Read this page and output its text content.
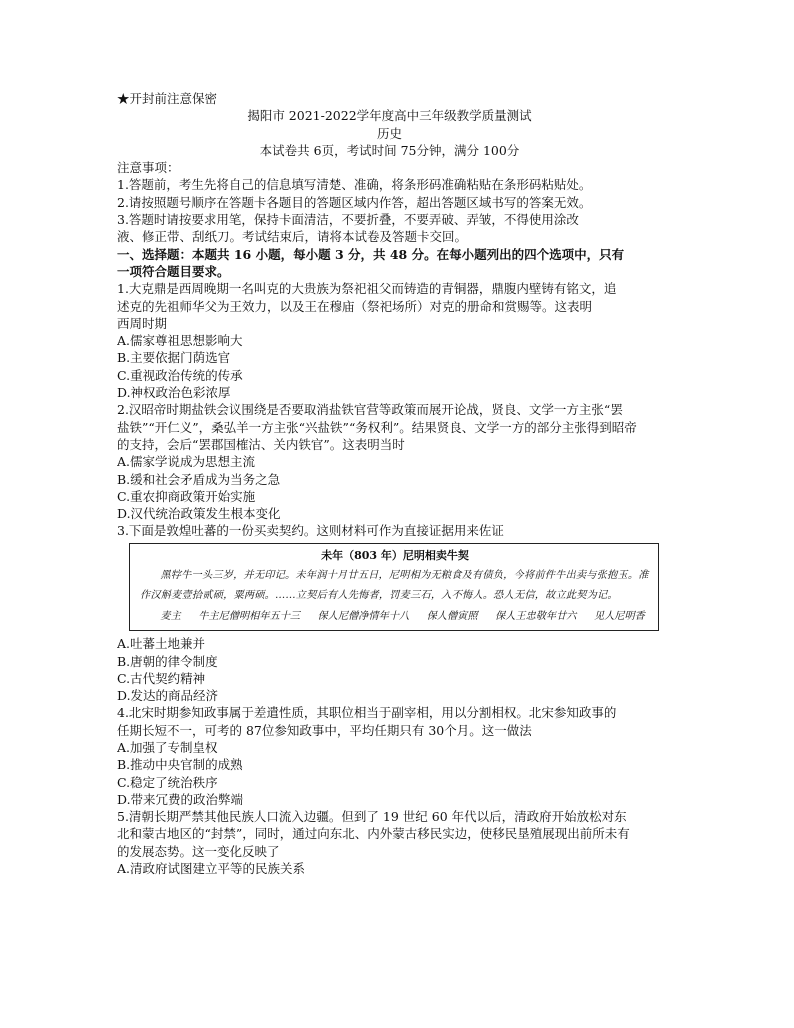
★开封前注意保密
揭阳市 2021-2022学年度高中三年级教学质量测试
历史
本试卷共 6页，考试时间 75分钟，满分 100分
注意事项：
1.答题前，考生先将自己的信息填写清楚、准确，将条形码准确粘贴在条形码粘贴处。
2.请按照题号顺序在答题卡各题目的答题区域内作答，超出答题区域书写的答案无效。
3.答题时请按要求用笔，保持卡面清洁，不要折叠，不要弄破、弄皱，不得使用涂改
液、修正带、刮纸刀。考试结束后，请将本试卷及答题卡交回。
一、选择题：本题共 16 小题，每小题 3 分，共 48 分。在每小题列出的四个选项中，只有
一项符合题目要求。
1.大克鼎是西周晚期一名叫克的大贵族为祭祀祖父而铸造的青铜器，鼎腹内壁铸有铭文，追
述克的先祖师华父为王效力，以及王在穆庙（祭祀场所）对克的册命和赏赐等。这表明
西周时期
A.儒家尊祖思想影响大
B.主要依据门荫选官
C.重视政治传统的传承
D.神权政治色彩浓厚
2.汉昭帝时期盐铁会议围绕是否要取消盐铁官营等政策而展开论战，贤良、文学一方主张“罢
盐铁”“开仁义”，桑弘羊一方主张“兴盐铁”“务权利”。结果贤良、文学一方的部分主张得到昭帝
的支持，会后“罢郡国榷沽、关内铁官”。这表明当时
A.儒家学说成为思想主流
B.缓和社会矛盾成为当务之急
C.重农抑商政策开始实施
D.汉代统治政策发生根本变化
3.下面是敦煌吐蕃的一份买卖契约。这则材料可作为直接证据用来佐证
未年（803 年）尼明相卖牛契
黑牸牛一头三岁，并无印记。未年润十月廿五日，尼明相为无粮食及有债负，今将前件牛出卖与张抱玉。准作汉斛麦壹拾贰硕，粟两硕。……立契后有人先悔者，罚麦三石，入不悔人。恐人无信，故立此契为记。
麦主　 牛主尼僧明相年五十三　 保人尼僧净情年十八　 保人僧寅照　 保人王忠敬年廿六　 见人尼明香
A.吐蕃土地兼并
B.唐朝的律令制度
C.古代契约精神
D.发达的商品经济
4.北宋时期参知政事属于差遣性质，其职位相当于副宰相，用以分割相权。北宋参知政事的
任期长短不一，可考的 87位参知政事中，平均任期只有 30个月。这一做法
A.加强了专制皇权
B.推动中央官制的成熟
C.稳定了统治秩序
D.带来冗费的政治弊端
5.清朝长期严禁其他民族人口流入边疆。但到了 19 世纪 60 年代以后，清政府开始放松对东
北和蒙古地区的“封禁”，同时，通过向东北、内外蒙古移民实边，使移民垦殖展现出前所未有
的发展态势。这一变化反映了
A.清政府试图建立平等的民族关系
